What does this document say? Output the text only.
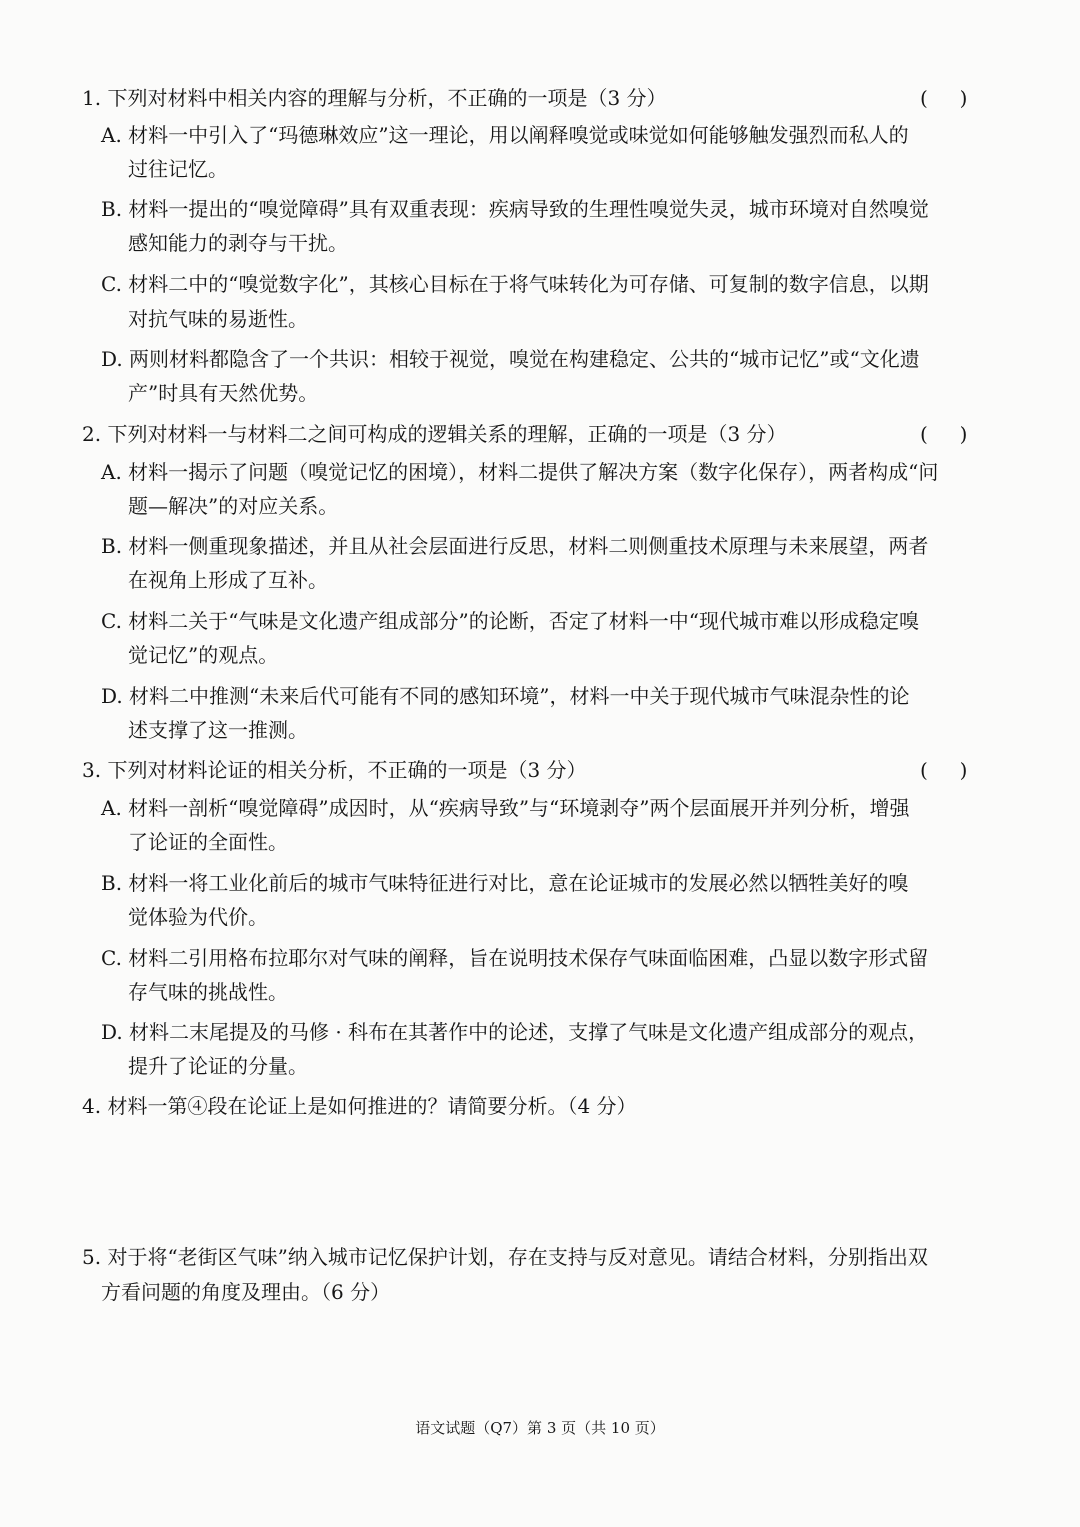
1. 下列对材料中相关内容的理解与分析，不正确的一项是（3 分）	(     )
A. 材料一中引入了“玛德琳效应”这一理论，用以阐释嗅觉或味觉如何能够触发强烈而私人的
过往记忆。
B. 材料一提出的“嗅觉障碍”具有双重表现：疾病导致的生理性嗅觉失灵，城市环境对自然嗅觉
感知能力的剥夺与干扰。
C. 材料二中的“嗅觉数字化”，其核心目标在于将气味转化为可存储、可复制的数字信息，以期
对抗气味的易逝性。
D. 两则材料都隐含了一个共识：相较于视觉，嗅觉在构建稳定、公共的“城市记忆”或“文化遗
产”时具有天然优势。
2. 下列对材料一与材料二之间可构成的逻辑关系的理解，正确的一项是（3 分）	(     )
A. 材料一揭示了问题（嗅觉记忆的困境），材料二提供了解决方案（数字化保存），两者构成“问
题—解决”的对应关系。
B. 材料一侧重现象描述，并且从社会层面进行反思，材料二则侧重技术原理与未来展望，两者
在视角上形成了互补。
C. 材料二关于“气味是文化遗产组成部分”的论断，否定了材料一中“现代城市难以形成稳定嗅
觉记忆”的观点。
D. 材料二中推测“未来后代可能有不同的感知环境”，材料一中关于现代城市气味混杂性的论
述支撑了这一推测。
3. 下列对材料论证的相关分析，不正确的一项是（3 分）	(     )
A. 材料一剖析“嗅觉障碍”成因时，从“疾病导致”与“环境剥夺”两个层面展开并列分析，增强
了论证的全面性。
B. 材料一将工业化前后的城市气味特征进行对比，意在论证城市的发展必然以牺牲美好的嗅
觉体验为代价。
C. 材料二引用格布拉耶尔对气味的阐释，旨在说明技术保存气味面临困难，凸显以数字形式留
存气味的挑战性。
D. 材料二末尾提及的马修 · 科布在其著作中的论述，支撑了气味是文化遗产组成部分的观点，
提升了论证的分量。
4. 材料一第④段在论证上是如何推进的？请简要分析。（4 分）
5. 对于将“老街区气味”纳入城市记忆保护计划，存在支持与反对意见。请结合材料，分别指出双
方看问题的角度及理由。（6 分）
语文试题（Q7）第 3 页（共 10 页）
